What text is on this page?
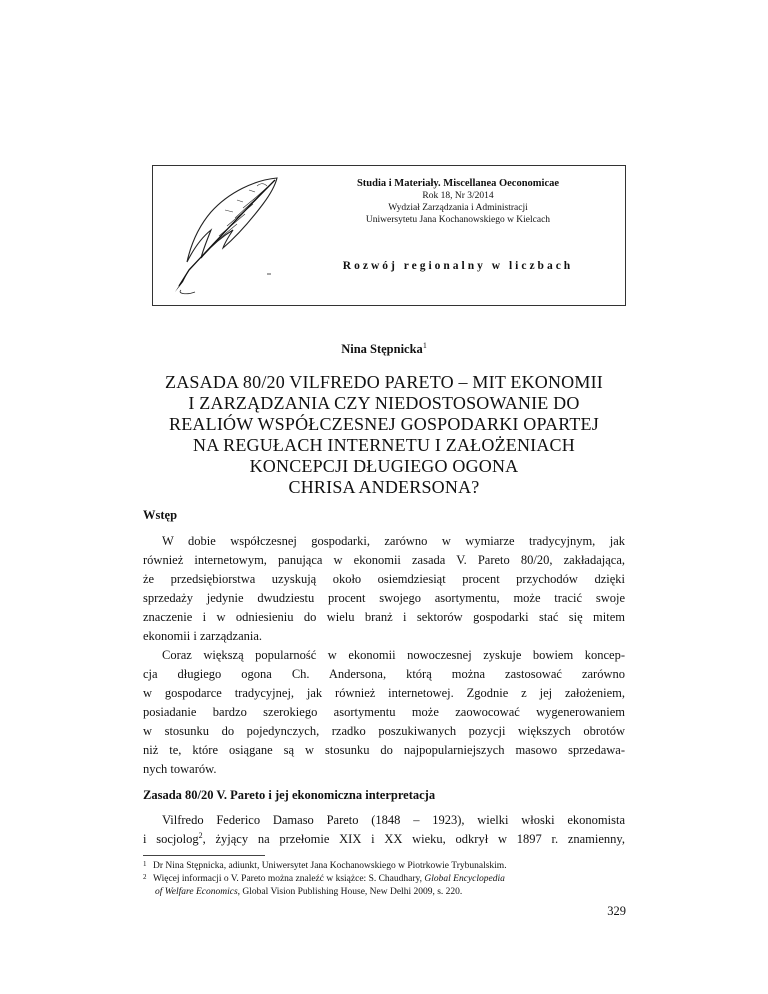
Studia i Materiały. Miscellanea Oeconomicae
Rok 18, Nr 3/2014
Wydział Zarządzania i Administracji
Uniwersytetu Jana Kochanowskiego w Kielcach
Rozwój regionalny w liczbach
Nina Stępnicka$^1$
ZASADA 80/20 VILFREDO PARETO – MIT EKONOMII
I ZARZĄDZANIA CZY NIEDOSTOSOWANIE DO
REALIÓW WSPÓŁCZESNEJ GOSPODARKI OPARTEJ
NA REGUŁACH INTERNETU I ZAŁOŻENIACH
KONCEPCJI DŁUGIEGO OGONA
CHRISA ANDERSONA?
Wstęp
W dobie współczesnej gospodarki, zarówno w wymiarze tradycyjnym, jak
również internetowym, panująca w ekonomii zasada V. Pareto 80/20, zakładająca,
że przedsiębiorstwa uzyskują około osiemdziesiąt procent przychodów dzięki
sprzedaży jedynie dwudziestu procent swojego asortymentu, może tracić swoje
znaczenie i w odniesieniu do wielu branż i sektorów gospodarki stać się mitem
ekonomii i zarządzania.
Coraz większą popularność w ekonomii nowoczesnej zyskuje bowiem koncep-
cja długiego ogona Ch. Andersona, którą można zastosować zarówno
w gospodarce tradycyjnej, jak również internetowej. Zgodnie z jej założeniem,
posiadanie bardzo szerokiego asortymentu może zaowocować wygenerowaniem
w stosunku do pojedynczych, rzadko poszukiwanych pozycji większych obrotów
niż te, które osiągane są w stosunku do najpopularniejszych masowo sprzedawa-
nych towarów.
Zasada 80/20 V. Pareto i jej ekonomiczna interpretacja
Vilfredo Federico Damaso Pareto (1848 – 1923), wielki włoski ekonomista
i socjolog$^2$, żyjący na przełomie XIX i XX wieku, odkrył w 1897 r. znamienny,
1 Dr Nina Stępnicka, adiunkt, Uniwersytet Jana Kochanowskiego w Piotrkowie Trybunalskim.
2 Więcej informacji o V. Pareto można znaleźć w książce: S. Chaudhary, Global Encyclopedia
of Welfare Economics, Global Vision Publishing House, New Delhi 2009, s. 220.
329
